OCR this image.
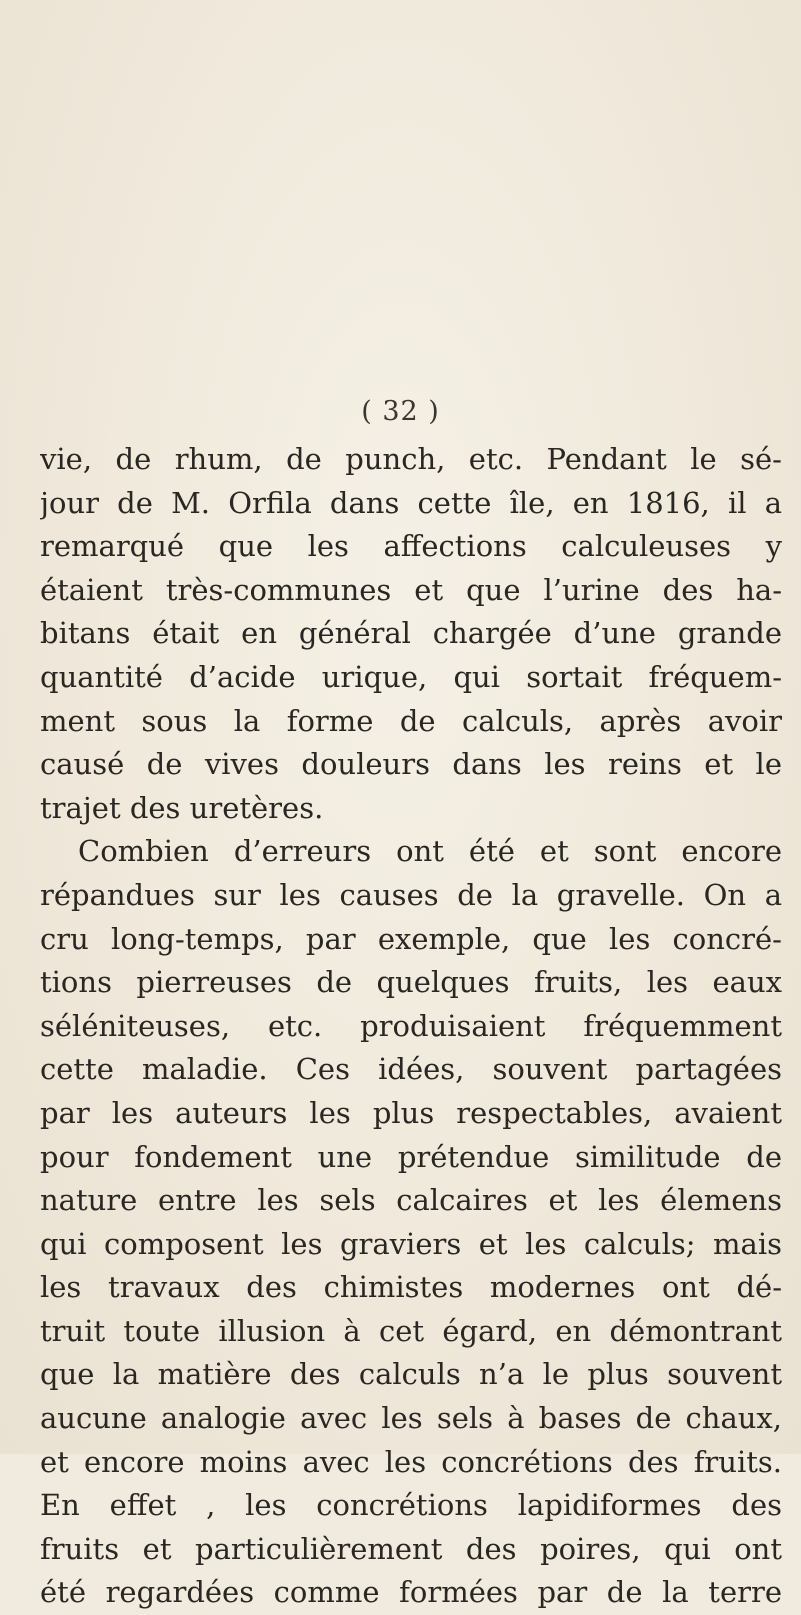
( 32 )
vie, de rhum, de punch, etc. Pendant le sé-
jour de M. Orfila dans cette île, en 1816, il a
remarqué que les affections calculeuses y
étaient très-communes et que l’urine des ha-
bitans était en général chargée d’une grande
quantité d’acide urique, qui sortait fréquem-
ment sous la forme de calculs, après avoir
causé de vives douleurs dans les reins et le
trajet des uretères.
Combien d’erreurs ont été et sont encore
répandues sur les causes de la gravelle. On a
cru long-temps, par exemple, que les concré-
tions pierreuses de quelques fruits, les eaux
séléniteuses, etc. produisaient fréquemment
cette maladie. Ces idées, souvent partagées
par les auteurs les plus respectables, avaient
pour fondement une prétendue similitude de
nature entre les sels calcaires et les élemens
qui composent les graviers et les calculs; mais
les travaux des chimistes modernes ont dé-
truit toute illusion à cet égard, en démontrant
que la matière des calculs n’a le plus souvent
aucune analogie avec les sels à bases de chaux,
et encore moins avec les concrétions des fruits.
En effet , les concrétions lapidiformes des
fruits et particulièrement des poires, qui ont
été regardées comme formées par de la terre
